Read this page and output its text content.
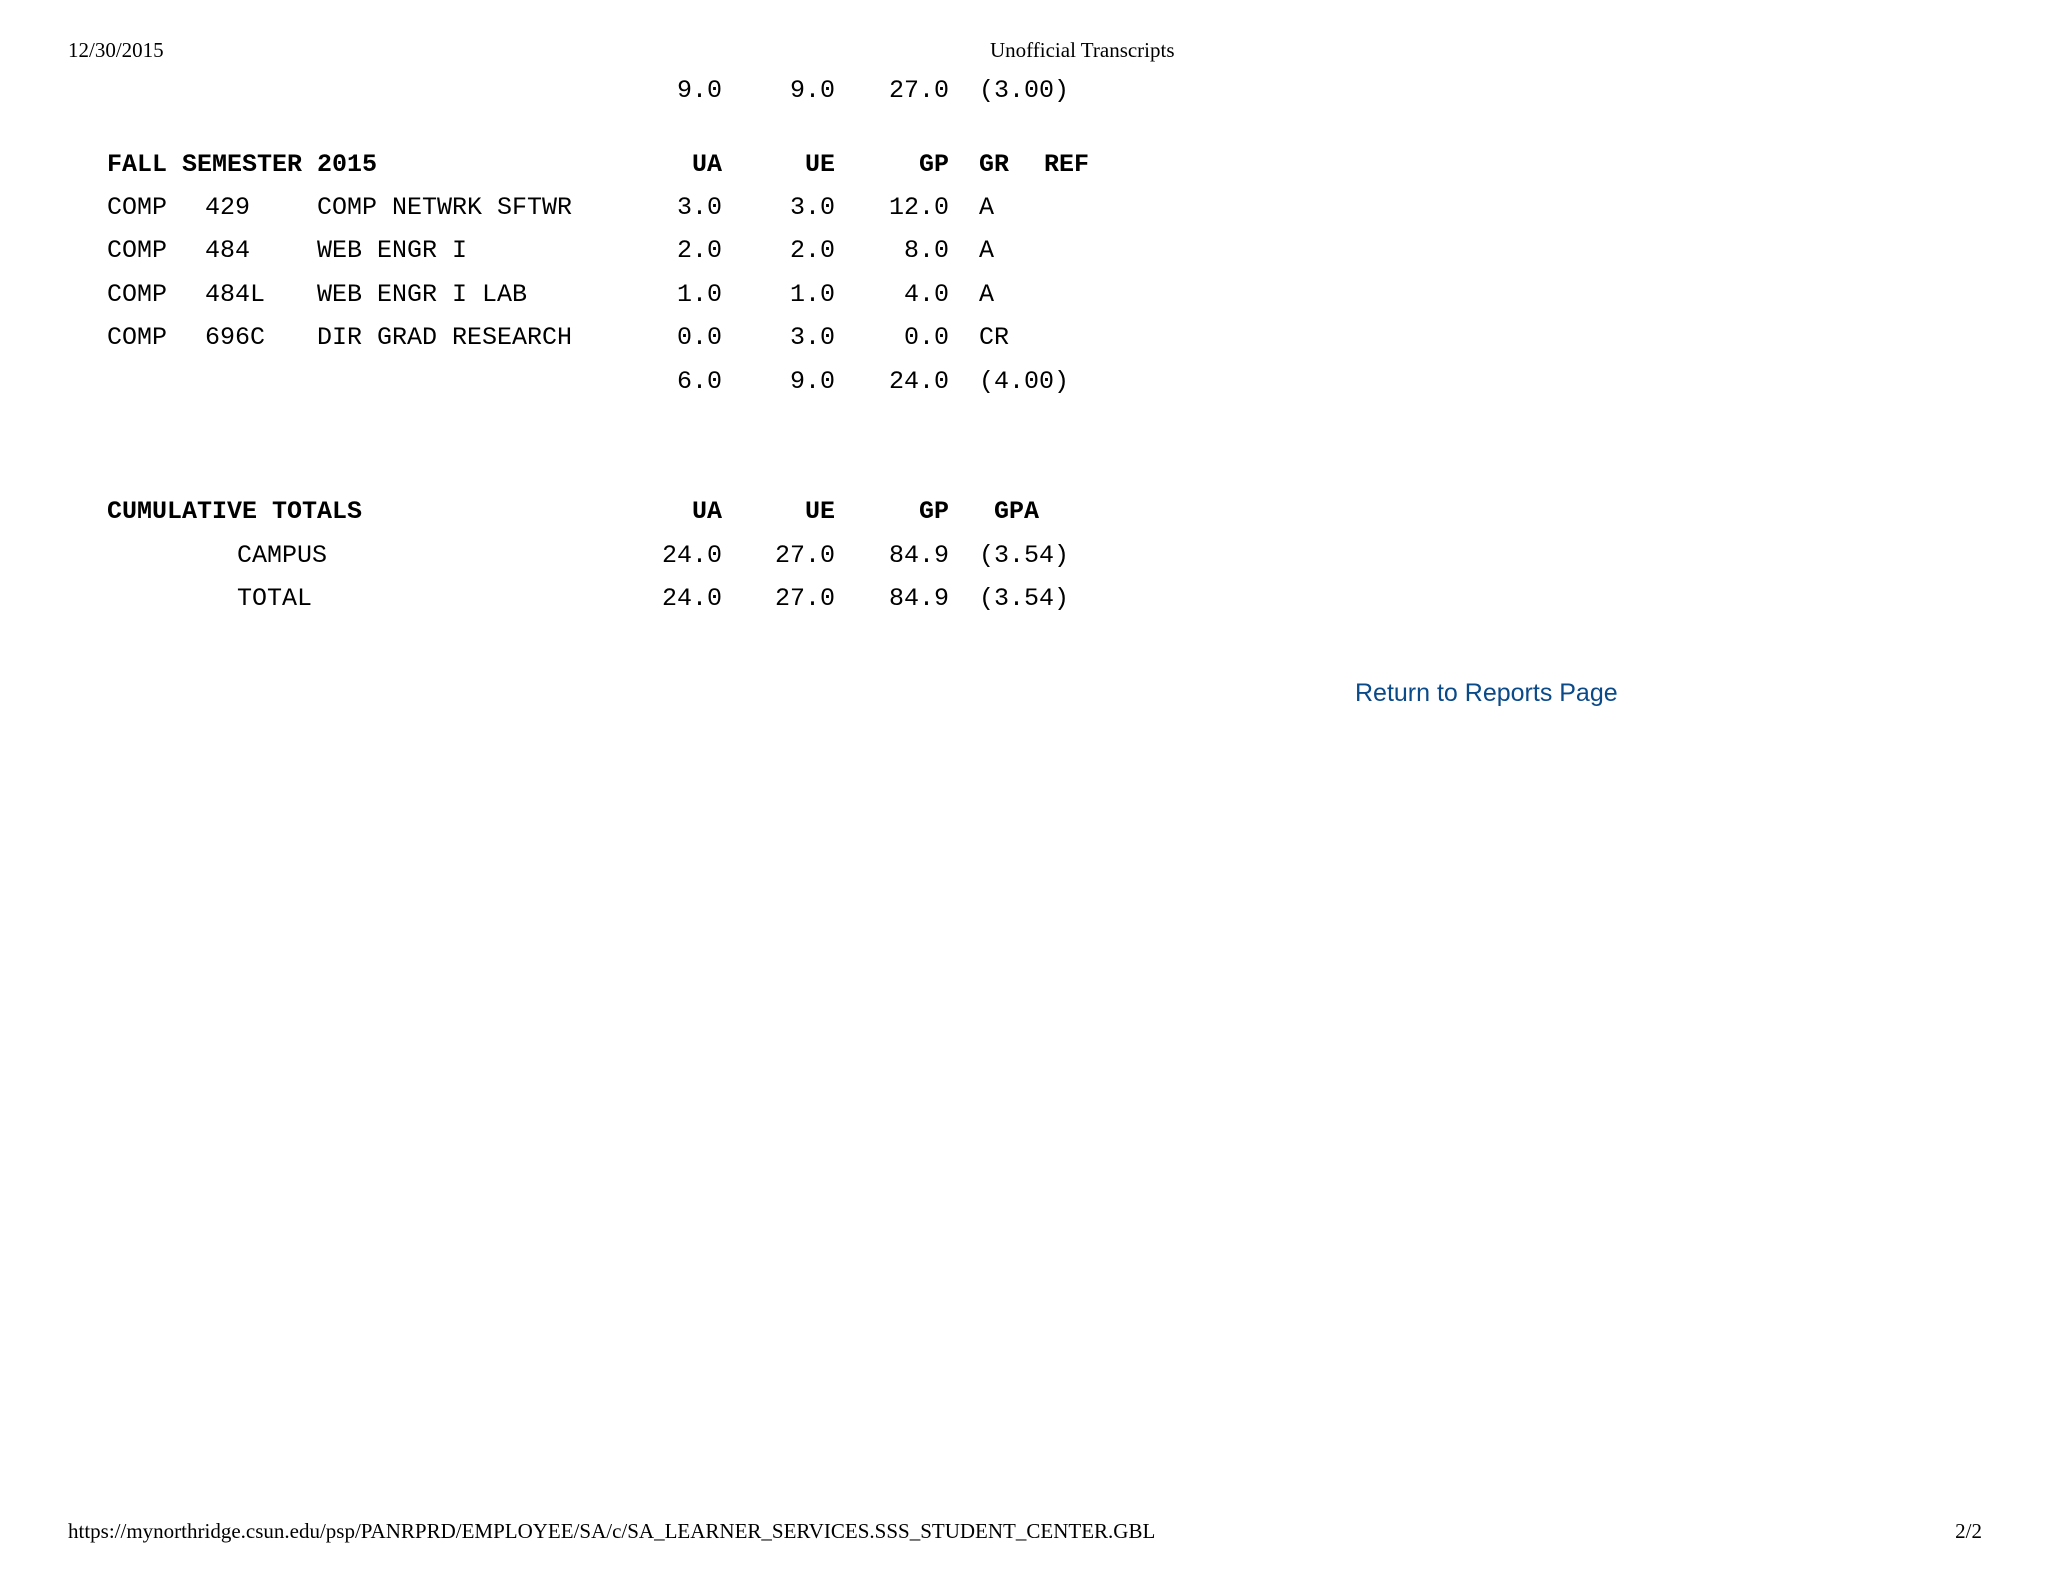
12/30/2015	Unofficial Transcripts
9.0	9.0 27.0 (3.00)
FALL SEMESTER 2015	UA	UE	GP GR REF
COMP 429	COMP NETWRK SFTWR	3.0	3.0 12.0 A
COMP 484	WEB ENGR I	2.0	2.0	8.0 A
COMP 484L WEB ENGR I LAB	1.0	1.0	4.0 A
COMP 696C DIR GRAD RESEARCH	0.0	3.0	0.0 CR
6.0	9.0 24.0 (4.00)
CUMULATIVE TOTALS	UA	UE	GP GPA
CAMPUS	24.0 27.0 84.9 (3.54)
TOTAL	24.0 27.0 84.9 (3.54)
Return to Reports Page
https://mynorthridge.csun.edu/psp/PANRPRD/EMPLOYEE/SA/c/SA_LEARNER_SERVICES.SSS_STUDENT_CENTER.GBL	2/2
